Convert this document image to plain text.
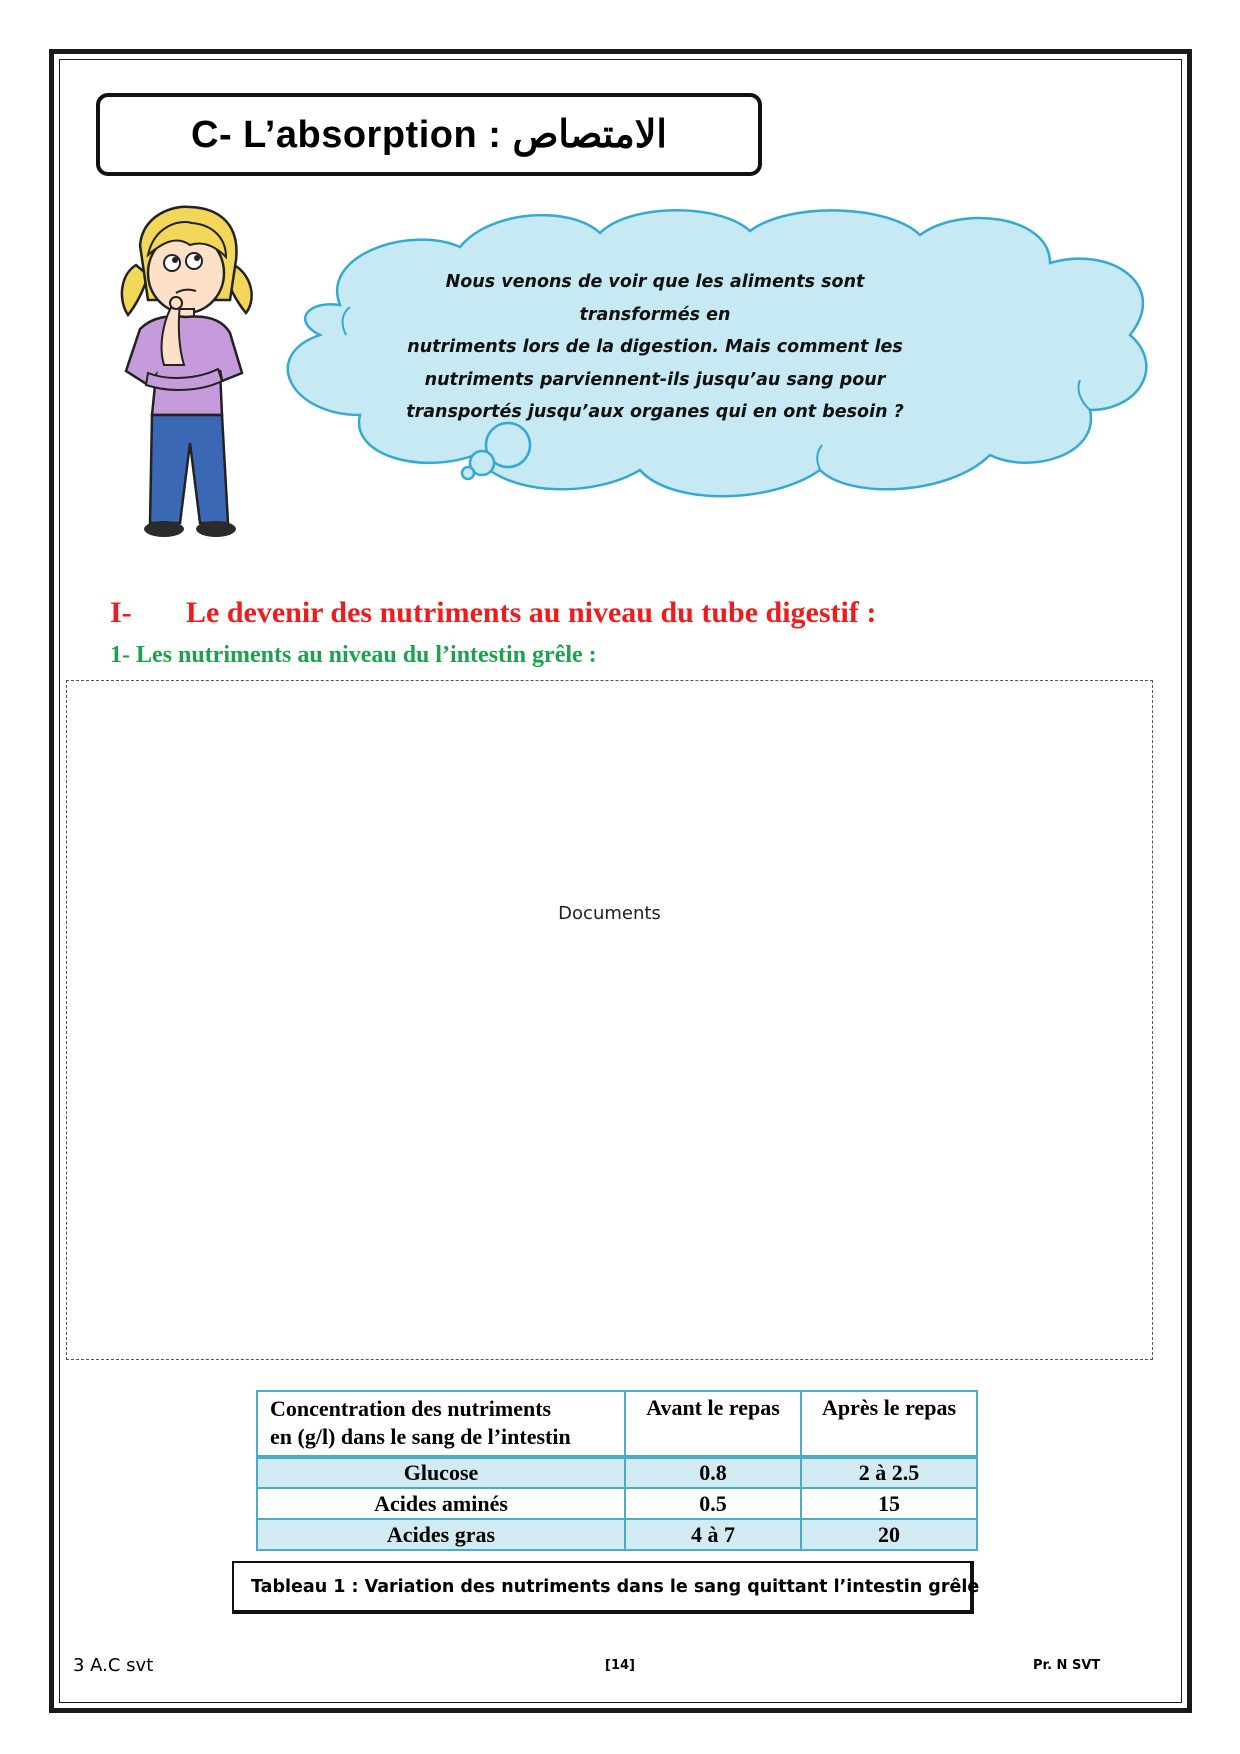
C- L’absorption : الامتصاص
Nous venons de voir que les aliments sont transformés en
nutriments lors de la digestion. Mais comment les
nutriments parviennent-ils jusqu’au sang pour
transportés jusqu’aux organes qui en ont besoin ?
I- Le devenir des nutriments au niveau du tube digestif :
1- Les nutriments au niveau du l’intestin grêle :
Documents
Concentration des nutriments
en (g/l) dans le sang de l’intestin	Avant le repas	Après le repas
Glucose	0.8	2 à 2.5
Acides aminés	0.5	15
Acides gras	4 à 7	20
Tableau 1 : Variation des nutriments dans le sang quittant l’intestin grêle
3 A.C svt	[14]	Pr. N SVT
